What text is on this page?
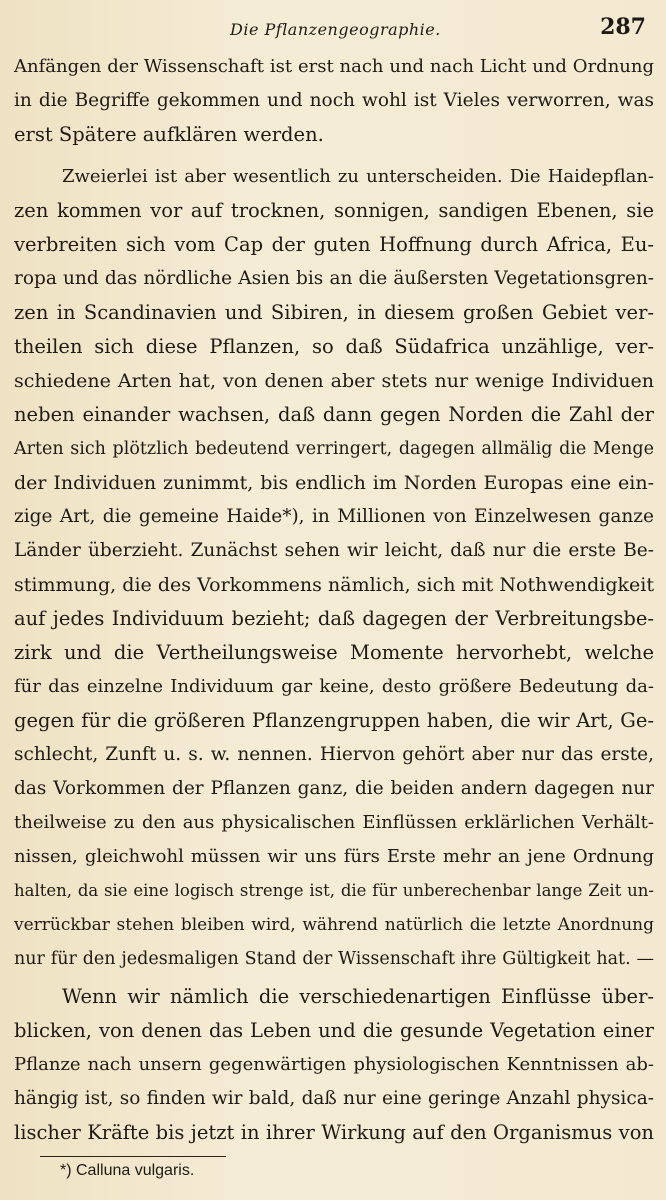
Die Pflanzengeographie.	287
Anfängen der Wissenschaft ist erst nach und nach Licht und Ordnung
in die Begriffe gekommen und noch wohl ist Vieles verworren, was
erst Spätere aufklären werden.
Zweierlei ist aber wesentlich zu unterscheiden. Die Haidepflan-
zen kommen vor auf trocknen, sonnigen, sandigen Ebenen, sie
verbreiten sich vom Cap der guten Hoffnung durch Africa, Eu-
ropa und das nördliche Asien bis an die äußersten Vegetationsgren-
zen in Scandinavien und Sibiren, in diesem großen Gebiet ver-
theilen sich diese Pflanzen, so daß Südafrica unzählige, ver-
schiedene Arten hat, von denen aber stets nur wenige Individuen
neben einander wachsen, daß dann gegen Norden die Zahl der
Arten sich plötzlich bedeutend verringert, dagegen allmälig die Menge
der Individuen zunimmt, bis endlich im Norden Europas eine ein-
zige Art, die gemeine Haide*), in Millionen von Einzelwesen ganze
Länder überzieht. Zunächst sehen wir leicht, daß nur die erste Be-
stimmung, die des Vorkommens nämlich, sich mit Nothwendigkeit
auf jedes Individuum bezieht; daß dagegen der Verbreitungsbe-
zirk und die Vertheilungsweise Momente hervorhebt, welche
für das einzelne Individuum gar keine, desto größere Bedeutung da-
gegen für die größeren Pflanzengruppen haben, die wir Art, Ge-
schlecht, Zunft u. s. w. nennen. Hiervon gehört aber nur das erste,
das Vorkommen der Pflanzen ganz, die beiden andern dagegen nur
theilweise zu den aus physicalischen Einflüssen erklärlichen Verhält-
nissen, gleichwohl müssen wir uns fürs Erste mehr an jene Ordnung
halten, da sie eine logisch strenge ist, die für unberechenbar lange Zeit un-
verrückbar stehen bleiben wird, während natürlich die letzte Anordnung
nur für den jedesmaligen Stand der Wissenschaft ihre Gültigkeit hat. —
Wenn wir nämlich die verschiedenartigen Einflüsse über-
blicken, von denen das Leben und die gesunde Vegetation einer
Pflanze nach unsern gegenwärtigen physiologischen Kenntnissen ab-
hängig ist, so finden wir bald, daß nur eine geringe Anzahl physica-
lischer Kräfte bis jetzt in ihrer Wirkung auf den Organismus von
*) Calluna vulgaris.
